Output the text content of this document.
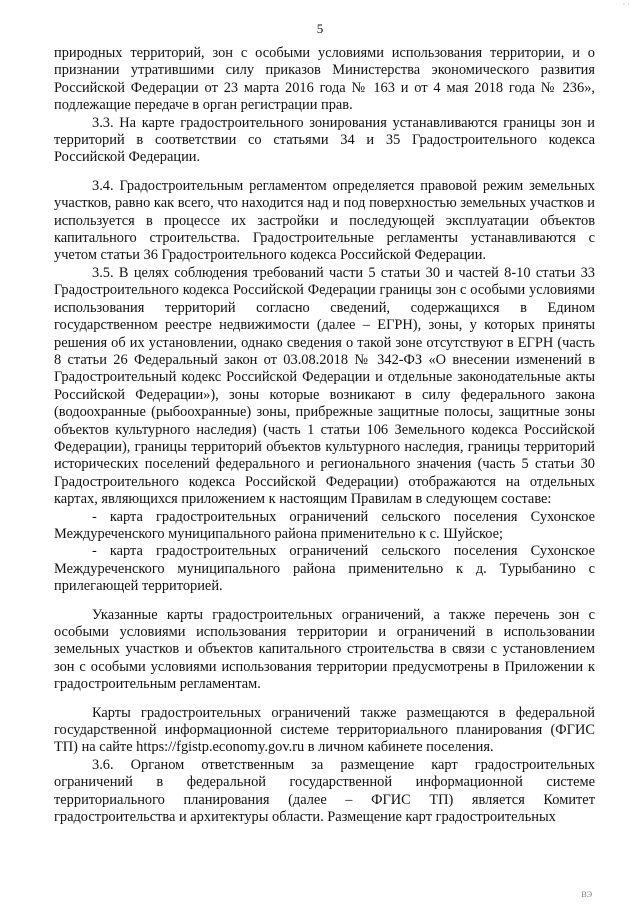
· ·
5

природных территорий, зон с особыми условиями использования территории, и о признании утратившими силу приказов Министерства экономического развития Российской Федерации от 23 марта 2016 года № 163 и от 4 мая 2018 года № 236», подлежащие передаче в орган регистрации прав.

3.3. На карте градостроительного зонирования устанавливаются границы зон и территорий в соответствии со статьями 34 и 35 Градостроительного кодекса Российской Федерации.

3.4. Градостроительным регламентом определяется правовой режим земельных участков, равно как всего, что находится над и под поверхностью земельных участков и используется в процессе их застройки и последующей эксплуатации объектов капитального строительства. Градостроительные регламенты устанавливаются с учетом статьи 36 Градостроительного кодекса Российской Федерации.

3.5. В целях соблюдения требований части 5 статьи 30 и частей 8-10 статьи 33 Градостроительного кодекса Российской Федерации границы зон с особыми условиями использования территорий согласно сведений, содержащихся в Едином государственном реестре недвижимости (далее – ЕГРН), зоны, у которых приняты решения об их установлении, однако сведения о такой зоне отсутствуют в ЕГРН (часть 8 статьи 26 Федеральный закон от 03.08.2018 № 342-ФЗ «О внесении изменений в Градостроительный кодекс Российской Федерации и отдельные законодательные акты Российской Федерации»), зоны которые возникают в силу федерального закона (водоохранные (рыбоохранные) зоны, прибрежные защитные полосы, защитные зоны объектов культурного наследия) (часть 1 статьи 106 Земельного кодекса Российской Федерации), границы территорий объектов культурного наследия, границы территорий исторических поселений федерального и регионального значения (часть 5 статьи 30 Градостроительного кодекса Российской Федерации) отображаются на отдельных картах, являющихся приложением к настоящим Правилам в следующем составе:

- карта градостроительных ограничений сельского поселения Сухонское Междуреченского муниципального района применительно к с. Шуйское;

- карта градостроительных ограничений сельского поселения Сухонское Междуреченского муниципального района применительно к д. Турыбанино с прилегающей территорией.

Указанные карты градостроительных ограничений, а также перечень зон с особыми условиями использования территории и ограничений в использовании земельных участков и объектов капитального строительства в связи с установлением зон с особыми условиями использования территории предусмотрены в Приложении к градостроительным регламентам.

Карты градостроительных ограничений также размещаются в федеральной государственной информационной системе территориального планирования (ФГИС ТП) на сайте https://fgistp.economy.gov.ru в личном кабинете поселения.

3.6. Органом ответственным за размещение карт градостроительных ограничений в федеральной государственной информационной системе территориального планирования (далее – ФГИС ТП) является Комитет градостроительства и архитектуры области. Размещение карт градостроительных

ВЭ
